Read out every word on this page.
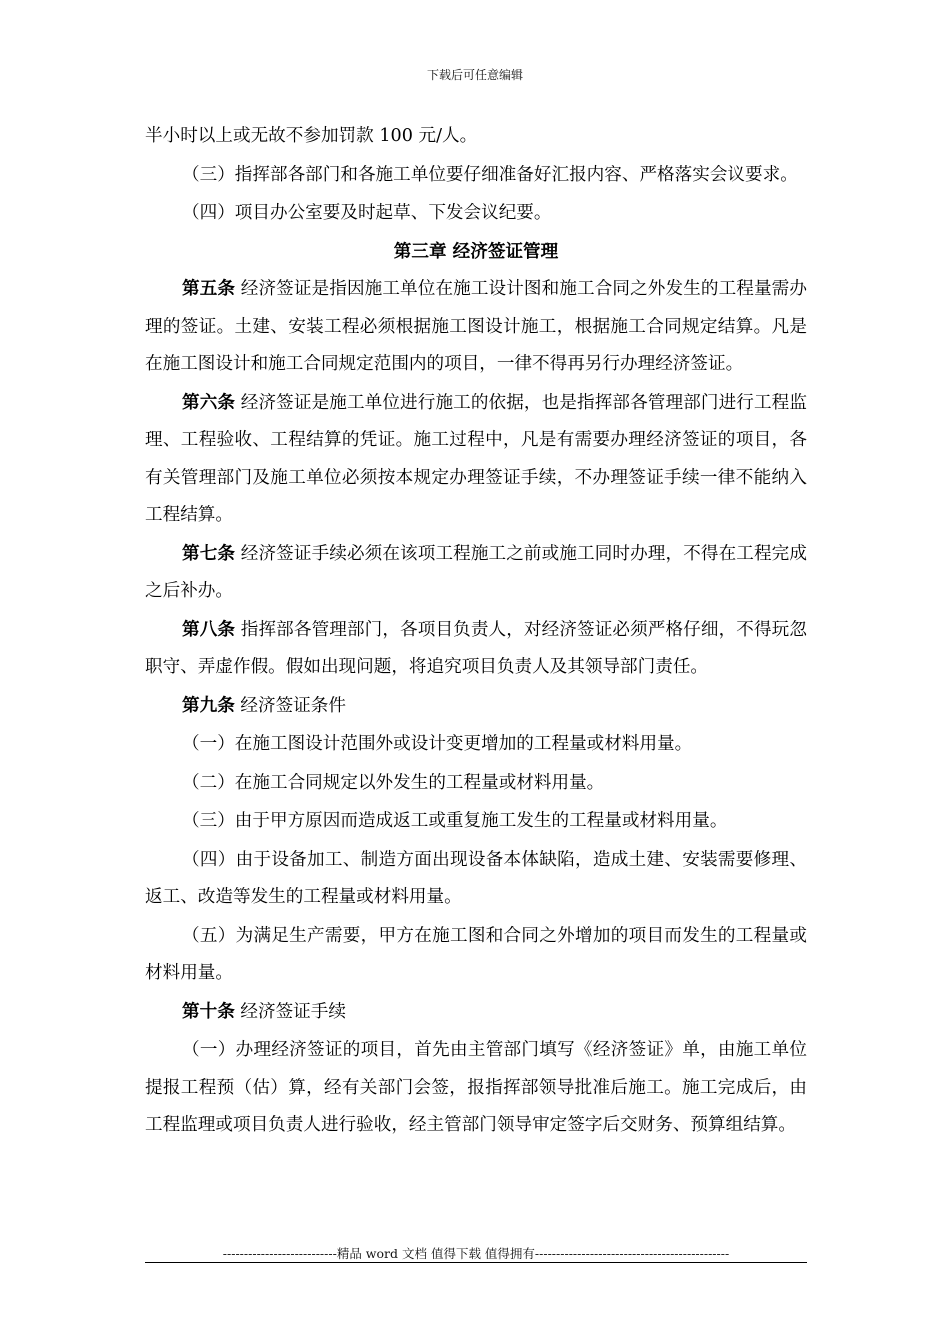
下载后可任意编辑

半小时以上或无故不参加罚款 100 元/人。

（三）指挥部各部门和各施工单位要仔细准备好汇报内容、严格落实会议要求。

（四）项目办公室要及时起草、下发会议纪要。

第三章 经济签证管理

第五条 经济签证是指因施工单位在施工设计图和施工合同之外发生的工程量需办理的签证。土建、安装工程必须根据施工图设计施工，根据施工合同规定结算。凡是在施工图设计和施工合同规定范围内的项目，一律不得再另行办理经济签证。

第六条 经济签证是施工单位进行施工的依据，也是指挥部各管理部门进行工程监理、工程验收、工程结算的凭证。施工过程中，凡是有需要办理经济签证的项目，各有关管理部门及施工单位必须按本规定办理签证手续，不办理签证手续一律不能纳入工程结算。

第七条 经济签证手续必须在该项工程施工之前或施工同时办理，不得在工程完成之后补办。

第八条 指挥部各管理部门，各项目负责人，对经济签证必须严格仔细，不得玩忽职守、弄虚作假。假如出现问题，将追究项目负责人及其领导部门责任。

第九条 经济签证条件

（一）在施工图设计范围外或设计变更增加的工程量或材料用量。

（二）在施工合同规定以外发生的工程量或材料用量。

（三）由于甲方原因而造成返工或重复施工发生的工程量或材料用量。

（四）由于设备加工、制造方面出现设备本体缺陷，造成土建、安装需要修理、返工、改造等发生的工程量或材料用量。

（五）为满足生产需要，甲方在施工图和合同之外增加的项目而发生的工程量或材料用量。

第十条 经济签证手续

（一）办理经济签证的项目，首先由主管部门填写《经济签证》单，由施工单位提报工程预（估）算，经有关部门会签，报指挥部领导批准后施工。施工完成后，由工程监理或项目负责人进行验收，经主管部门领导审定签字后交财务、预算组结算。

---------------------------精品 word 文档 值得下载 值得拥有----------------------------------------------
